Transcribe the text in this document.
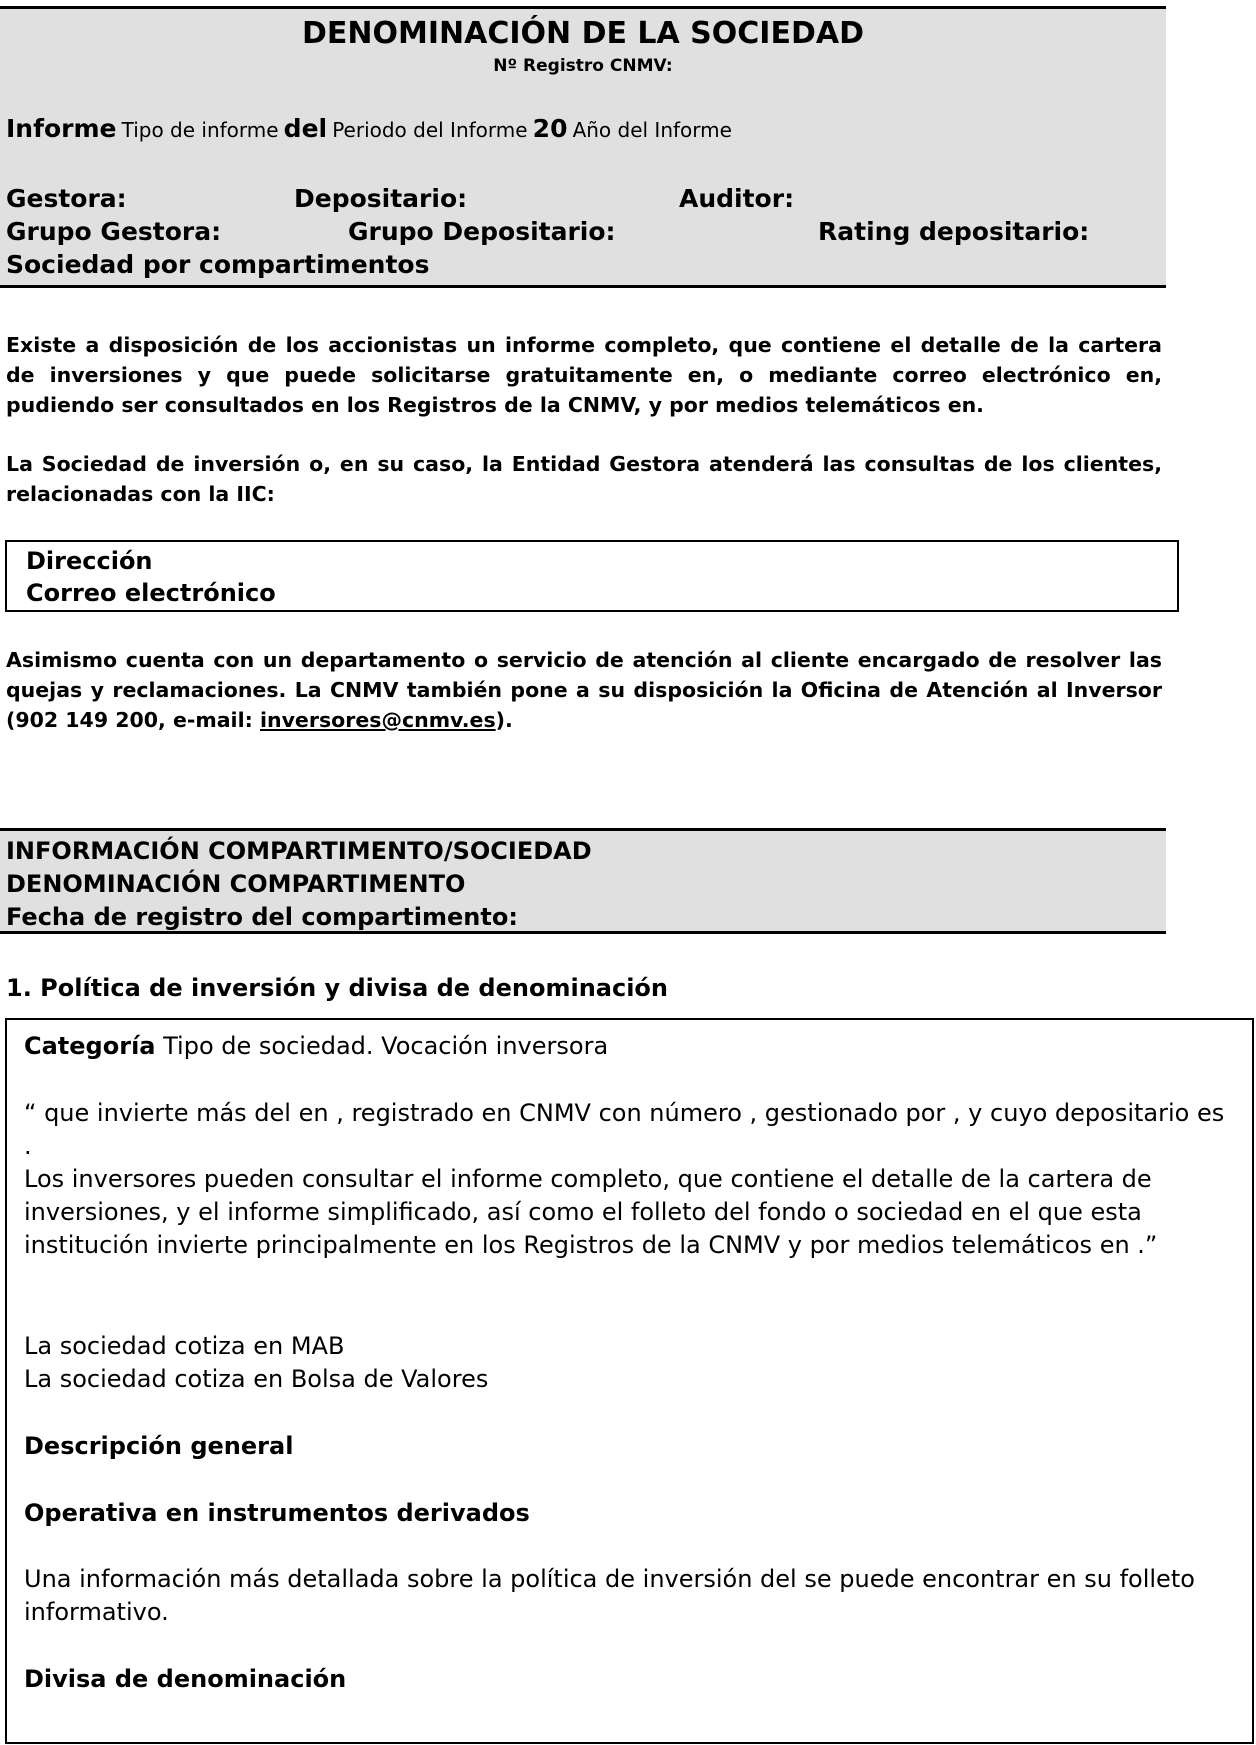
DENOMINACIÓN DE LA SOCIEDAD
Nº Registro CNMV:
Informe Tipo de informe del Periodo del Informe 20 Año del Informe
Gestora:	Depositario:	Auditor:
Grupo Gestora:	Grupo Depositario:	Rating depositario:
Sociedad por compartimentos

Existe a disposición de los accionistas un informe completo, que contiene el detalle de la cartera de inversiones y que puede solicitarse gratuitamente en, o mediante correo electrónico en, pudiendo ser consultados en los Registros de la CNMV, y por medios telemáticos en.

La Sociedad de inversión o, en su caso, la Entidad Gestora atenderá las consultas de los clientes, relacionadas con la IIC:

Dirección
Correo electrónico

Asimismo cuenta con un departamento o servicio de atención al cliente encargado de resolver las quejas y reclamaciones. La CNMV también pone a su disposición la Oficina de Atención al Inversor (902 149 200, e-mail: inversores@cnmv.es).

INFORMACIÓN COMPARTIMENTO/SOCIEDAD
DENOMINACIÓN COMPARTIMENTO
Fecha de registro del compartimento:
1. Política de inversión y divisa de denominación
Categoría Tipo de sociedad. Vocación inversora

“ que invierte más del en , registrado en CNMV con número , gestionado por , y cuyo depositario es .

Los inversores pueden consultar el informe completo, que contiene el detalle de la cartera de inversiones, y el informe simplificado, así como el folleto del fondo o sociedad en el que esta institución invierte principalmente en los Registros de la CNMV y por medios telemáticos en .”

La sociedad cotiza en MAB
La sociedad cotiza en Bolsa de Valores
Descripción general
Operativa en instrumentos derivados

Una información más detallada sobre la política de inversión del se puede encontrar en su folleto informativo.

Divisa de denominación
